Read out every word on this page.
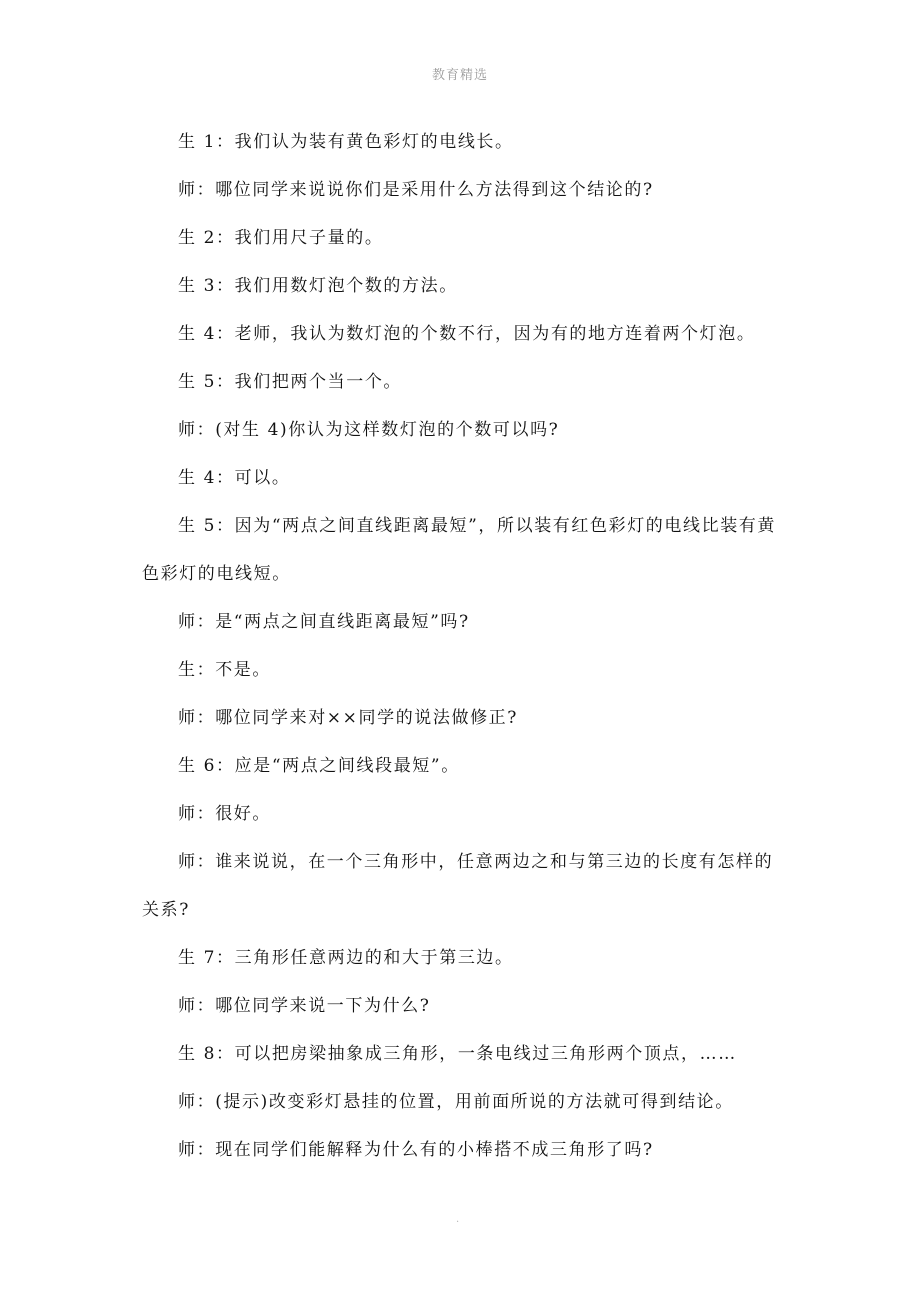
教育精选

生 1：我们认为装有黄色彩灯的电线长。

师：哪位同学来说说你们是采用什么方法得到这个结论的?

生 2：我们用尺子量的。

生 3：我们用数灯泡个数的方法。

生 4：老师，我认为数灯泡的个数不行，因为有的地方连着两个灯泡。

生 5：我们把两个当一个。

师：(对生 4)你认为这样数灯泡的个数可以吗?

生 4：可以。

生 5：因为“两点之间直线距离最短”，所以装有红色彩灯的电线比装有黄色彩灯的电线短。

师：是“两点之间直线距离最短”吗?

生：不是。

师：哪位同学来对××同学的说法做修正?

生 6：应是“两点之间线段最短”。

师：很好。

师：谁来说说，在一个三角形中，任意两边之和与第三边的长度有怎样的关系?

生 7：三角形任意两边的和大于第三边。

师：哪位同学来说一下为什么?

生 8：可以把房梁抽象成三角形，一条电线过三角形两个顶点，……

师：(提示)改变彩灯悬挂的位置，用前面所说的方法就可得到结论。

师：现在同学们能解释为什么有的小棒搭不成三角形了吗?

.
